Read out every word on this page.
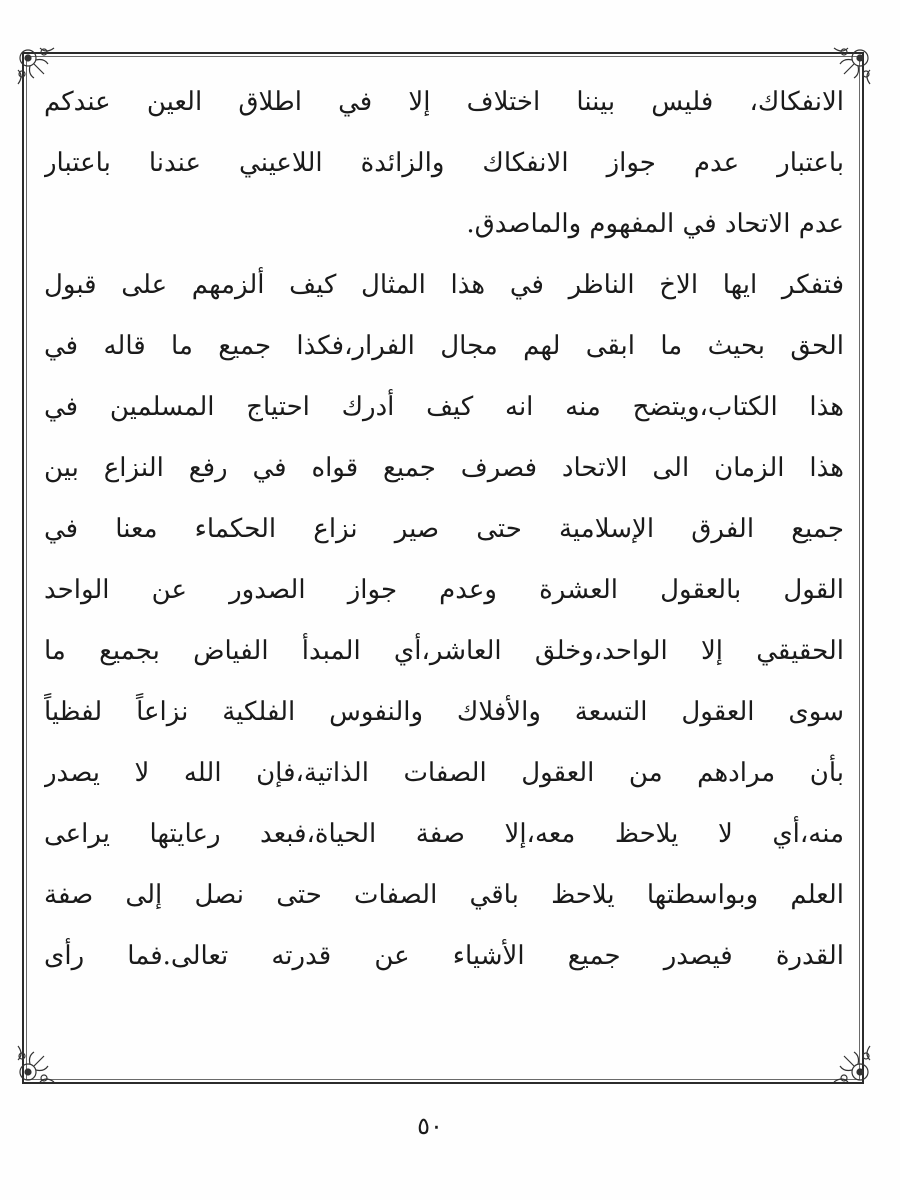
الانفكاك، فليس بيننا اختلاف إلا في اطلاق العين عندكم
باعتبار عدم جواز الانفكاك والزائدة اللاعيني عندنا باعتبار
عدم الاتحاد في المفهوم والماصدق.
فتفكر ايها الاخ الناظر في هذا المثال كيف ألزمهم على قبول
الحق بحيث ما ابقى لهم مجال الفرار،فكذا جميع ما قاله في
هذا الكتاب،ويتضح منه انه كيف أدرك احتياج المسلمين في
هذا الزمان الى الاتحاد فصرف جميع قواه في رفع النزاع بين
جميع الفرق الإسلامية حتى صير نزاع الحكماء معنا في
القول بالعقول العشرة وعدم جواز الصدور عن الواحد
الحقيقي إلا الواحد،وخلق العاشر،أي المبدأ الفياض بجميع ما
سوى العقول التسعة والأفلاك والنفوس الفلكية نزاعاً لفظياً
بأن مرادهم من العقول الصفات الذاتية،فإن الله لا يصدر
منه،أي لا يلاحظ معه،إلا صفة الحياة،فبعد رعايتها يراعى
العلم وبواسطتها يلاحظ باقي الصفات حتى نصل إلى صفة
القدرة فيصدر جميع الأشياء عن قدرته تعالى.فما رأى
٥٠
